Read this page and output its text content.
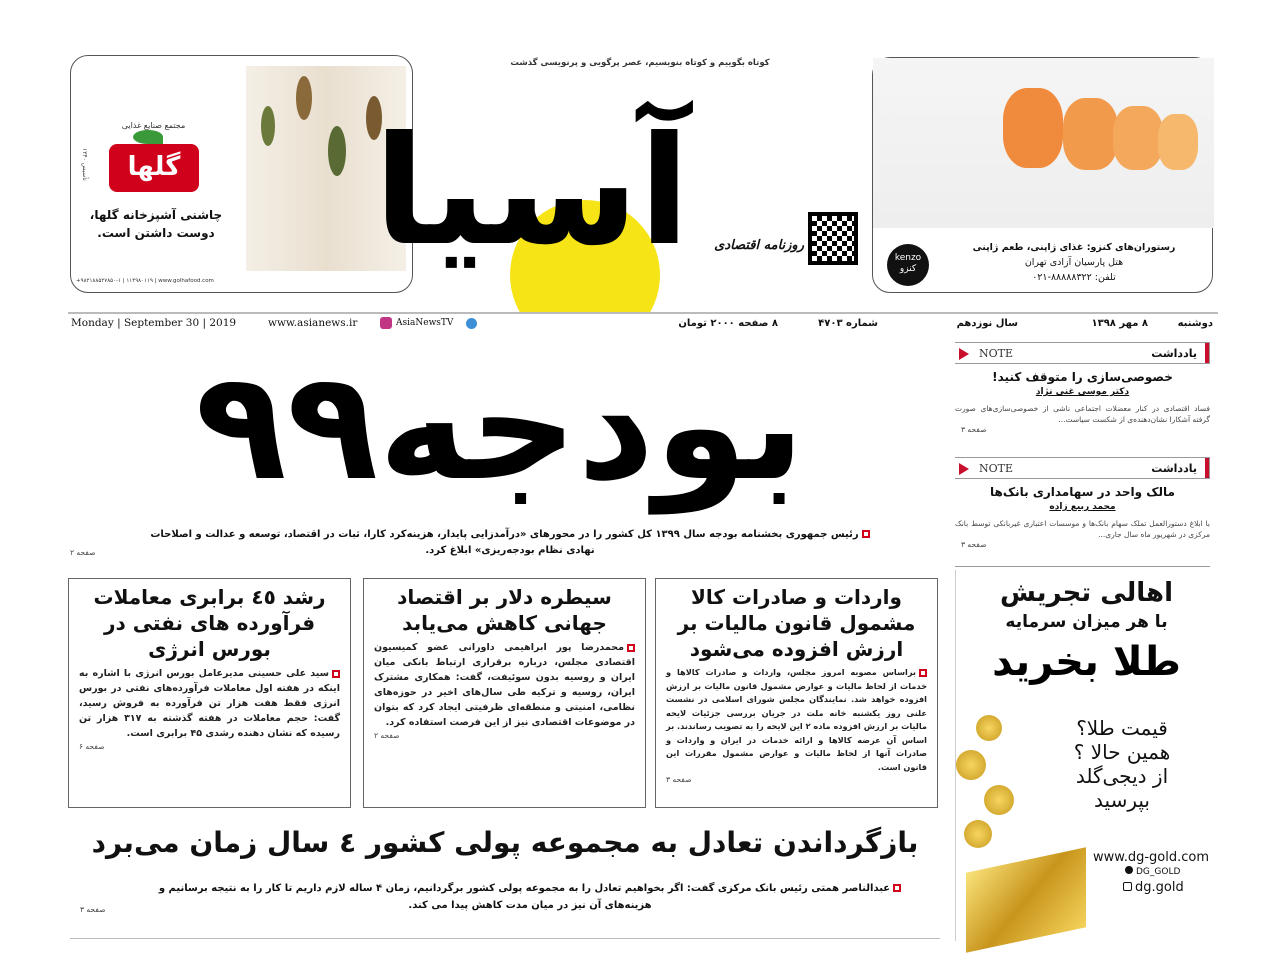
مجتمع صنایع غذایی
گلها
تأسیس ۱۳۴۰
چاشنی آشپزخانه گلها،
دوست داشتن است.
+۹۸۲۱۸۸۵۲۷۸۵۰-۱ | ۱۱۴۹۸۰۱۱۹ | www.golhafood.com
کوتاه بگوییم و کوتاه بنویسیم، عصر پرگویی و پرنویسی گذشت
آسیا	روزنامه اقتصادی
kenzo
کنزو
رستوران‌های کنزو: غذای ژاپنی، طعم ژاپنی
هتل پارسیان آزادی تهران
تلفن: ۸۸۸۸۸۳۲۲-۰۲۱
دوشنبه
۸ مهر ۱۳۹۸
سال نوزدهم
شماره ۴۷۰۳
۸ صفحه ۲۰۰۰ تومان
Monday | September 30 | 2019	www.asianews.ir	AsiaNewsTV
NOTE	یادداشت
خصوصی‌سازی را متوقف کنید!
دکتر موسی غنی نژاد

فساد اقتصادی در کنار معضلات اجتماعی ناشی از خصوصی‌سازی‌های صورت گرفته آشکارا نشان‌دهنده‌ی از شکست سیاست...

صفحه ۳
NOTE	یادداشت
مالک واحد در سهامداری بانک‌ها
محمد ربیع زاده

با ابلاغ دستورالعمل تملک سهام بانک‌ها و موسسات اعتباری غیربانکی توسط بانک مرکزی در شهریور ماه سال جاری...

صفحه ۳
بودجه۹۹
رئیس جمهوری بخشنامه بودجه سال ۱۳۹۹ کل کشور را در محورهای «درآمدزایی پایدار، هزینه‌کرد کارا، ثبات در اقتصاد، توسعه و عدالت و اصلاحات نهادی نظام بودجه‌ریزی» ابلاغ کرد.
صفحه ۲
واردات و صادرات کالا مشمول قانون مالیات بر ارزش افزوده می‌شود

براساس مصوبه امروز مجلس، واردات و صادرات کالاها و خدمات از لحاظ مالیات و عوارض مشمول قانون مالیات بر ارزش افزوده خواهد شد. نمایندگان مجلس شورای اسلامی در نشست علنی روز یکشنبه خانه ملت در جریان بررسی جزئیات لایحه مالیات بر ارزش افزوده ماده ۲ این لایحه را به تصویب رساندند. بر اساس آن عرضه کالاها و ارائه خدمات در ایران و واردات و صادرات آنها از لحاظ مالیات و عوارض مشمول مقررات این قانون است.

صفحه ۳
سیطره دلار بر اقتصاد جهانی کاهش می‌یابد

محمدرضا پور ابراهیمی داورانی عضو کمیسیون اقتصادی مجلس، درباره برقراری ارتباط بانکی میان ایران و روسیه بدون سوئیفت، گفت: همکاری مشترک ایران، روسیه و ترکیه طی سال‌های اخیر در حوزه‌های نظامی، امنیتی و منطقه‌ای ظرفیتی ایجاد کرد که بتوان در موضوعات اقتصادی نیز از این فرصت استفاده کرد.

صفحه ۲
رشد ٤٥ برابری معاملات فرآورده های نفتی در بورس انرژی

سید علی حسینی مدیرعامل بورس انرژی با اشاره به اینکه در هفته اول معاملات فرآورده‌های نفتی در بورس انرژی فقط هفت هزار تن فرآورده به فروش رسید، گفت: حجم معاملات در هفته گذشته به ۳۱۷ هزار تن رسیده که نشان دهنده رشدی ۴۵ برابری است.

صفحه ۶
بازگرداندن تعادل به مجموعه پولی کشور ٤ سال زمان می‌برد
عبدالناصر همتی رئیس بانک مرکزی گفت: اگر بخواهیم تعادل را به مجموعه پولی کشور برگردانیم، زمان ۴ ساله لازم داریم تا کار را به نتیجه برسانیم و هزینه‌های آن نیز در میان مدت کاهش پیدا می کند.
صفحه ۳
اهالی تجریش
با هر میزان سرمایه
طلا بخرید
قیمت طلا؟
همین حالا ؟
از دیجی‌گلد
بپرسید
www.dg-gold.com
DG_GOLD
dg.gold
